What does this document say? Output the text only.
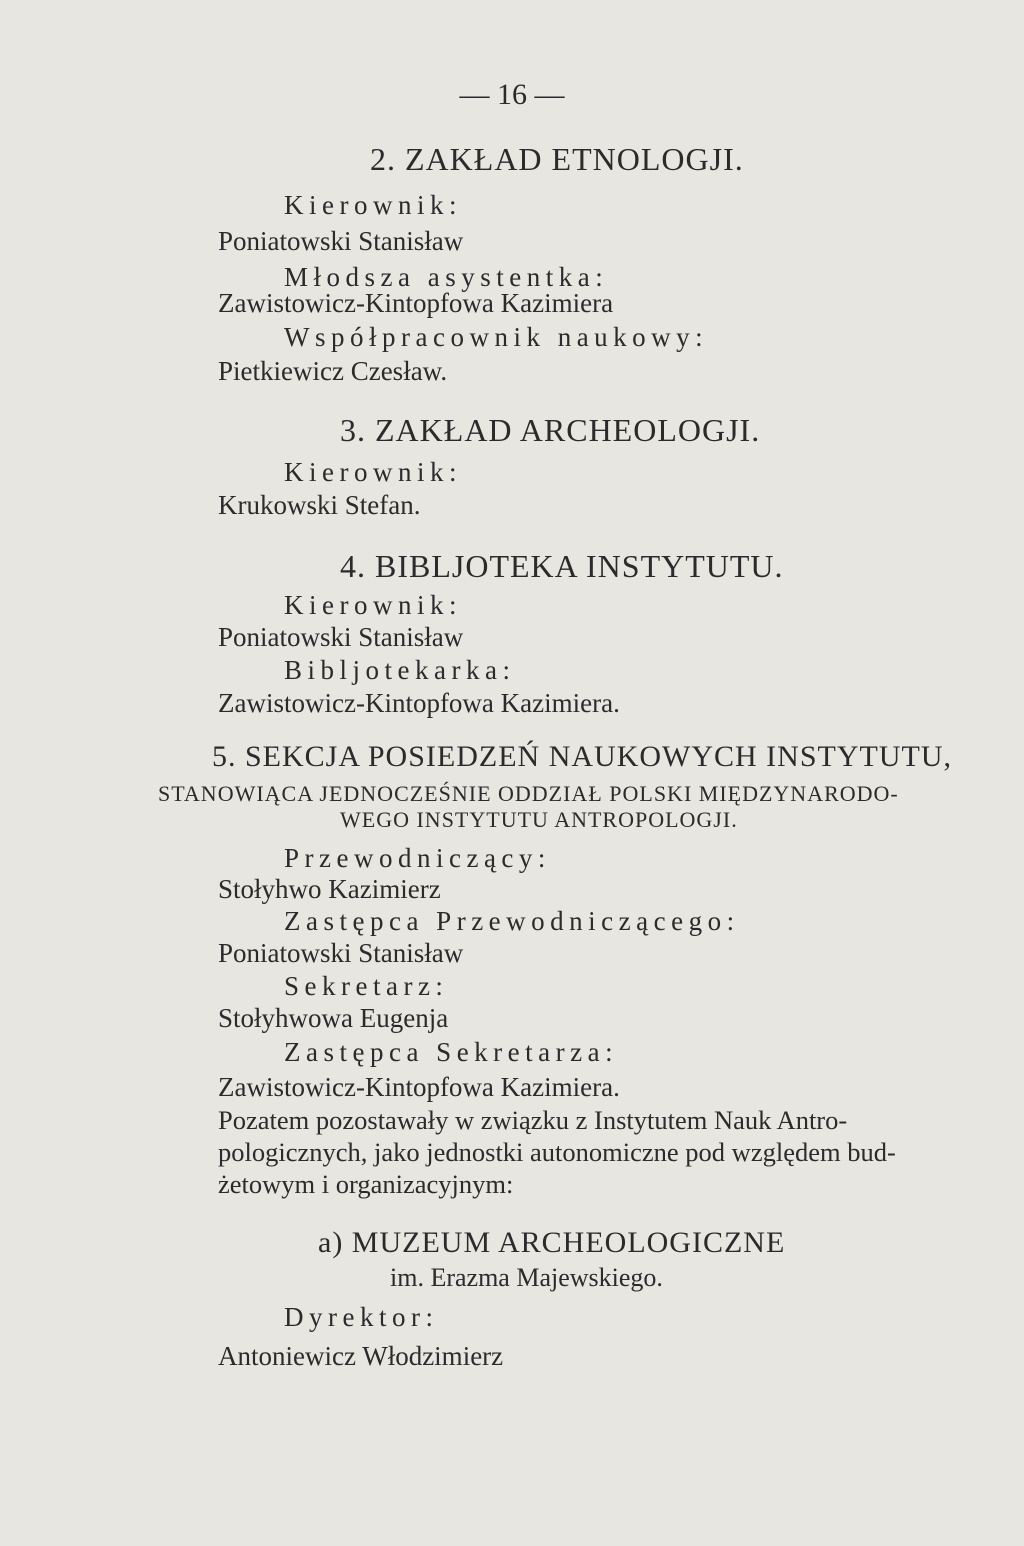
— 16 —
2. ZAKŁAD ETNOLOGJI.
Kierownik:
Poniatowski Stanisław
Młodsza asystentka:
Zawistowicz-Kintopfowa Kazimiera
Współpracownik naukowy:
Pietkiewicz Czesław.
3. ZAKŁAD ARCHEOLOGJI.
Kierownik:
Krukowski Stefan.
4. BIBLJOTEKA INSTYTUTU.
Kierownik:
Poniatowski Stanisław
Bibljotekarka:
Zawistowicz-Kintopfowa Kazimiera.
5. SEKCJA POSIEDZEŃ NAUKOWYCH INSTYTUTU,
STANOWIĄCA JEDNOCZEŚNIE ODDZIAŁ POLSKI MIĘDZYNARODO-
WEGO INSTYTUTU ANTROPOLOGJI.
Przewodniczący:
Stołyhwo Kazimierz
Zastępca Przewodniczącego:
Poniatowski Stanisław
Sekretarz:
Stołyhwowa Eugenja
Zastępca Sekretarza:
Zawistowicz-Kintopfowa Kazimiera.
Pozatem pozostawały w związku z Instytutem Nauk Antro-
pologicznych, jako jednostki autonomiczne pod względem bud-
żetowym i organizacyjnym:
a) MUZEUM ARCHEOLOGICZNE
im. Erazma Majewskiego.
Dyrektor:
Antoniewicz Włodzimierz
